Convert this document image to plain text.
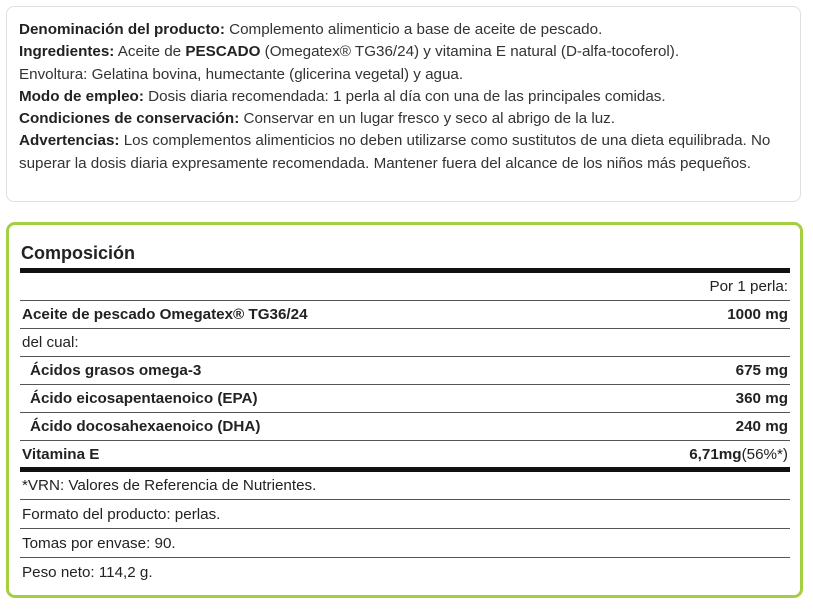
Denominación del producto: Complemento alimenticio a base de aceite de pescado.

Ingredientes: Aceite de PESCADO (Omegatex® TG36/24) y vitamina E natural (D-alfa-tocoferol).

Envoltura: Gelatina bovina, humectante (glicerina vegetal) y agua.

Modo de empleo: Dosis diaria recomendada: 1 perla al día con una de las principales comidas.

Condiciones de conservación: Conservar en un lugar fresco y seco al abrigo de la luz.

Advertencias: Los complementos alimenticios no deben utilizarse como sustitutos de una dieta equilibrada. No superar la dosis diaria expresamente recomendada. Mantener fuera del alcance de los niños más pequeños.

Composición
Por 1 perla:
Aceite de pescado Omegatex® TG36/24	1000 mg
del cual:
Ácidos grasos omega-3	675 mg
Ácido eicosapentaenoico (EPA)	360 mg
Ácido docosahexaenoico (DHA)	240 mg
Vitamina E	6,71mg(56%*)
*VRN: Valores de Referencia de Nutrientes.
Formato del producto: perlas.
Tomas por envase: 90.
Peso neto: 114,2 g.
